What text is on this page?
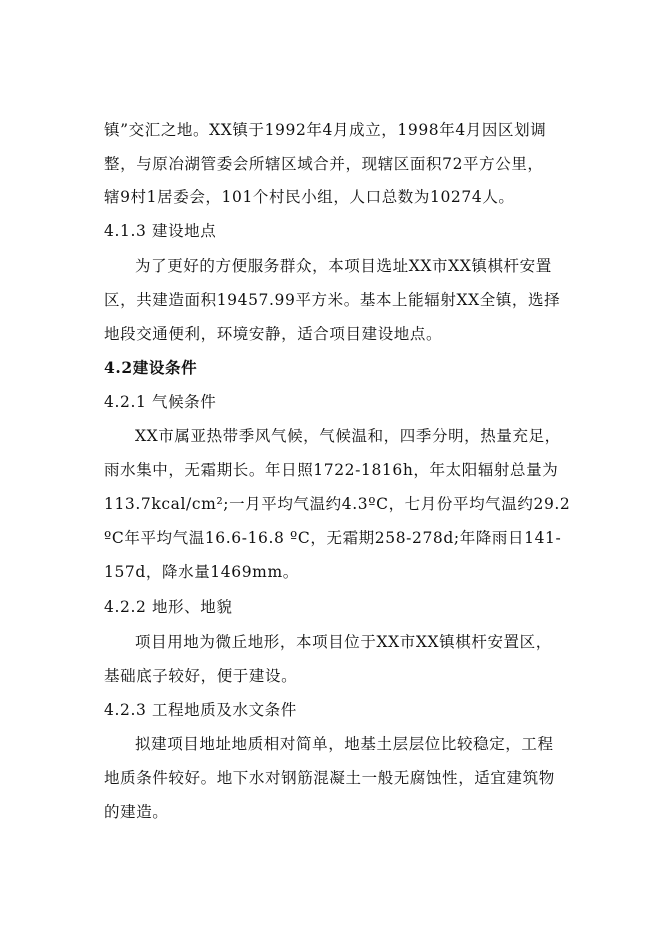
镇”交汇之地。XX镇于1992年4月成立，1998年4月因区划调
整，与原冶湖管委会所辖区域合并，现辖区面积72平方公里，
辖9村1居委会，101个村民小组，人口总数为10274人。
4.1.3 建设地点
为了更好的方便服务群众，本项目选址XX市XX镇棋杆安置
区，共建造面积19457.99平方米。基本上能辐射XX全镇，选择
地段交通便利，环境安静，适合项目建设地点。
4.2建设条件
4.2.1 气候条件
XX市属亚热带季风气候，气候温和，四季分明，热量充足，
雨水集中，无霜期长。年日照1722-1816h，年太阳辐射总量为
113.7kcal/cm²;一月平均气温约4.3ºC，七月份平均气温约29.2
ºC年平均气温16.6-16.8 ºC，无霜期258-278d;年降雨日141-
157d，降水量1469mm。
4.2.2 地形、地貌
项目用地为微丘地形，本项目位于XX市XX镇棋杆安置区，
基础底子较好，便于建设。
4.2.3 工程地质及水文条件
拟建项目地址地质相对简单，地基土层层位比较稳定，工程
地质条件较好。地下水对钢筋混凝土一般无腐蚀性，适宜建筑物
的建造。
